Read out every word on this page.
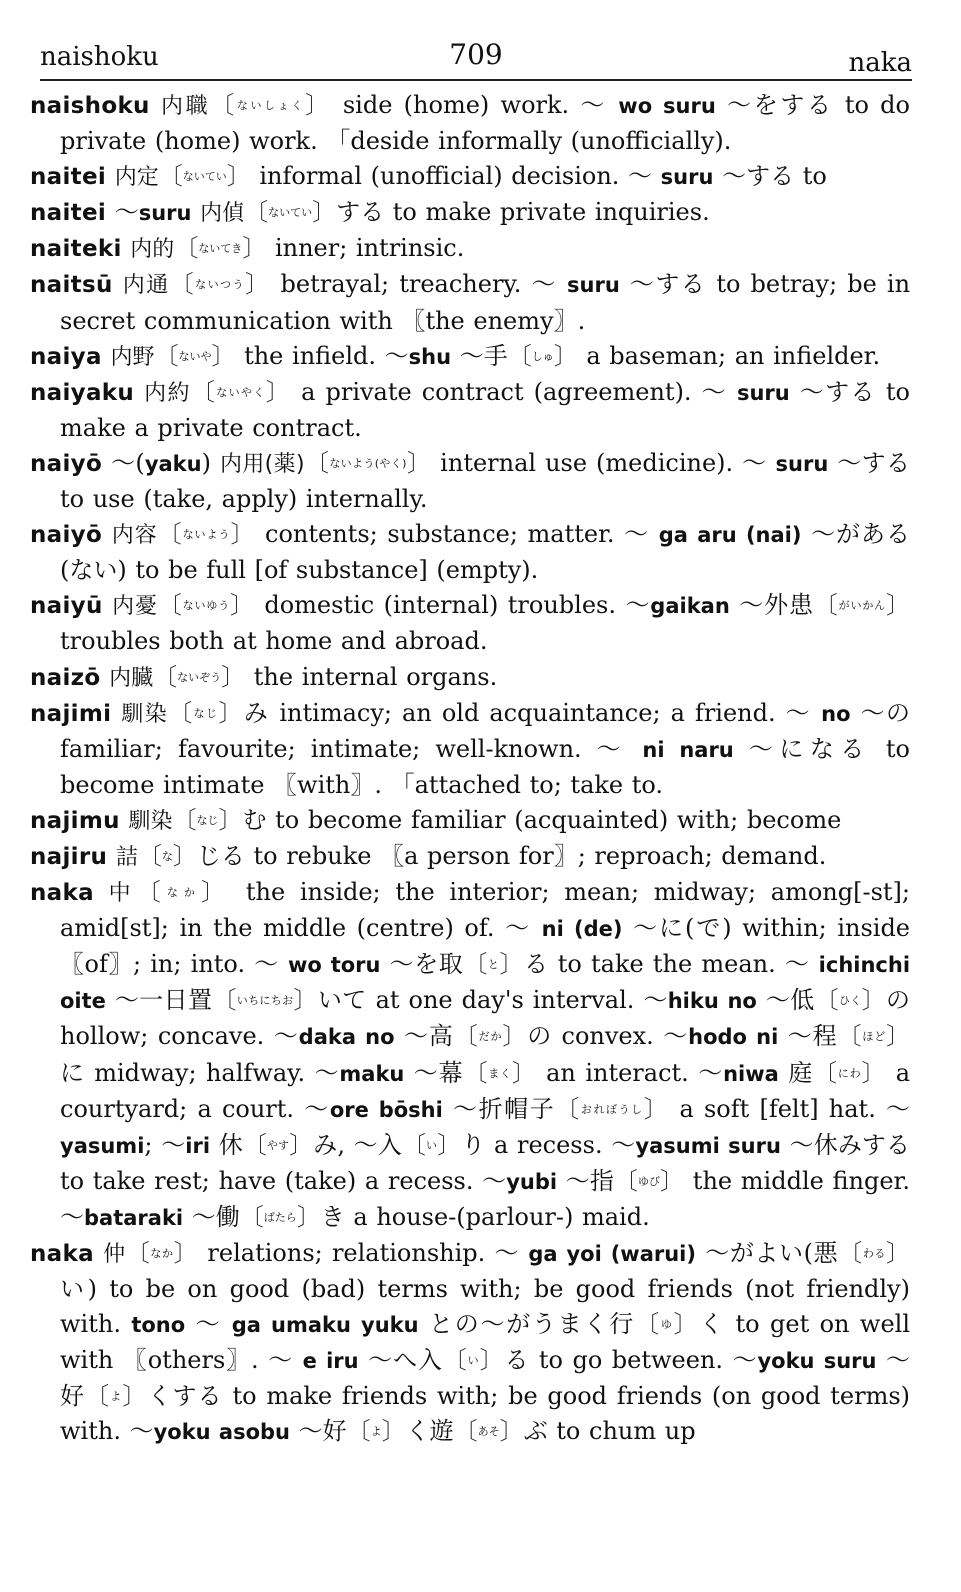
naishoku	709	naka
naishoku 内職〔ないしょく〕 side (home) work. ～ wo suru ～をする to do private (home) work. 「deside informally (unofficially).
naitei 内定〔ないてい〕 informal (unofficial) decision. ～ suru ～する to
naitei ～suru 内偵〔ないてい〕する to make private inquiries.
naiteki 内的〔ないてき〕 inner; intrinsic.
naitsū 内通〔ないつう〕 betrayal; treachery. ～ suru ～する to betray; be in secret communication with 〖the enemy〗.
naiya 内野〔ないや〕 the infield. ～shu ～手〔しゅ〕 a baseman; an infielder.
naiyaku 内約〔ないやく〕 a private contract (agreement). ～ suru ～する to make a private contract.
naiyō ～(yaku) 内用(薬)〔ないよう(やく)〕 internal use (medicine). ～ suru ～する to use (take, apply) internally.
naiyō 内容〔ないよう〕 contents; substance; matter. ～ ga aru (nai) ～がある(ない) to be full [of substance] (empty).
naiyū 内憂〔ないゆう〕 domestic (internal) troubles. ～gaikan ～外患〔がいかん〕 troubles both at home and abroad.
naizō 内臓〔ないぞう〕 the internal organs.
najimi 馴染〔なじ〕み intimacy; an old acquaintance; a friend. ～ no ～の familiar; favourite; intimate; well-known. ～ ni naru ～になる to become intimate 〖with〗. 「attached to; take to.
najimu 馴染〔なじ〕む to become familiar (acquainted) with; become
najiru 詰〔な〕じる to rebuke 〖a person for〗; reproach; demand.
naka 中〔なか〕 the inside; the interior; mean; midway; among[-st]; amid[st]; in the middle (centre) of. ～ ni (de) ～に(で) within; inside 〖of〗; in; into. ～ wo toru ～を取〔と〕る to take the mean. ～ ichinchi oite ～一日置〔いちにちお〕いて at one day's interval. ～hiku no ～低〔ひく〕の hollow; concave. ～daka no ～高〔だか〕の convex. ～hodo ni ～程〔ほど〕に midway; halfway. ～maku ～幕〔まく〕 an interact. ～niwa 庭〔にわ〕 a courtyard; a court. ～ore bōshi ～折帽子〔おれぼうし〕 a soft [felt] hat. ～yasumi; ～iri 休〔やす〕み, ～入〔い〕り a recess. ～yasumi suru ～休みする to take rest; have (take) a recess. ～yubi ～指〔ゆび〕 the middle finger. ～bataraki ～働〔ばたら〕き a house-(parlour-) maid.
naka 仲〔なか〕 relations; relationship. ～ ga yoi (warui) ～がよい(悪〔わる〕い) to be on good (bad) terms with; be good friends (not friendly) with. tono ～ ga umaku yuku との～がうまく行〔ゆ〕く to get on well with 〖others〗. ～ e iru ～へ入〔い〕る to go between. ～yoku suru ～好〔よ〕くする to make friends with; be good friends (on good terms) with. ～yoku asobu ～好〔よ〕く遊〔あそ〕ぶ to chum up
